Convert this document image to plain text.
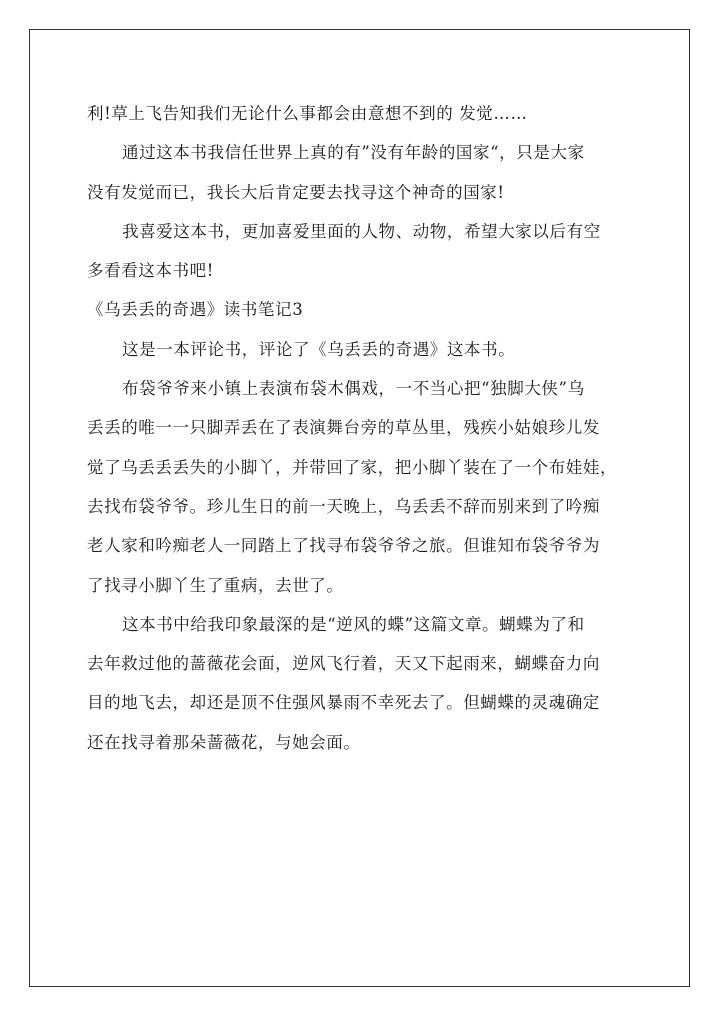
利!草上飞告知我们无论什么事都会由意想不到的 发觉……
通过这本书我信任世界上真的有”没有年龄的国家“，只是大家
没有发觉而已，我长大后肯定要去找寻这个神奇的国家!
我喜爱这本书，更加喜爱里面的人物、动物，希望大家以后有空
多看看这本书吧!
《乌丢丢的奇遇》读书笔记3
这是一本评论书，评论了《乌丢丢的奇遇》这本书。
布袋爷爷来小镇上表演布袋木偶戏，一不当心把“独脚大侠”乌
丢丢的唯一一只脚弄丢在了表演舞台旁的草丛里，残疾小姑娘珍儿发
觉了乌丢丢丢失的小脚丫，并带回了家，把小脚丫装在了一个布娃娃，
去找布袋爷爷。珍儿生日的前一天晚上，乌丢丢不辞而别来到了吟痴
老人家和吟痴老人一同踏上了找寻布袋爷爷之旅。但谁知布袋爷爷为
了找寻小脚丫生了重病，去世了。
这本书中给我印象最深的是“逆风的蝶”这篇文章。蝴蝶为了和
去年救过他的蔷薇花会面，逆风飞行着，天又下起雨来，蝴蝶奋力向
目的地飞去，却还是顶不住强风暴雨不幸死去了。但蝴蝶的灵魂确定
还在找寻着那朵蔷薇花，与她会面。
